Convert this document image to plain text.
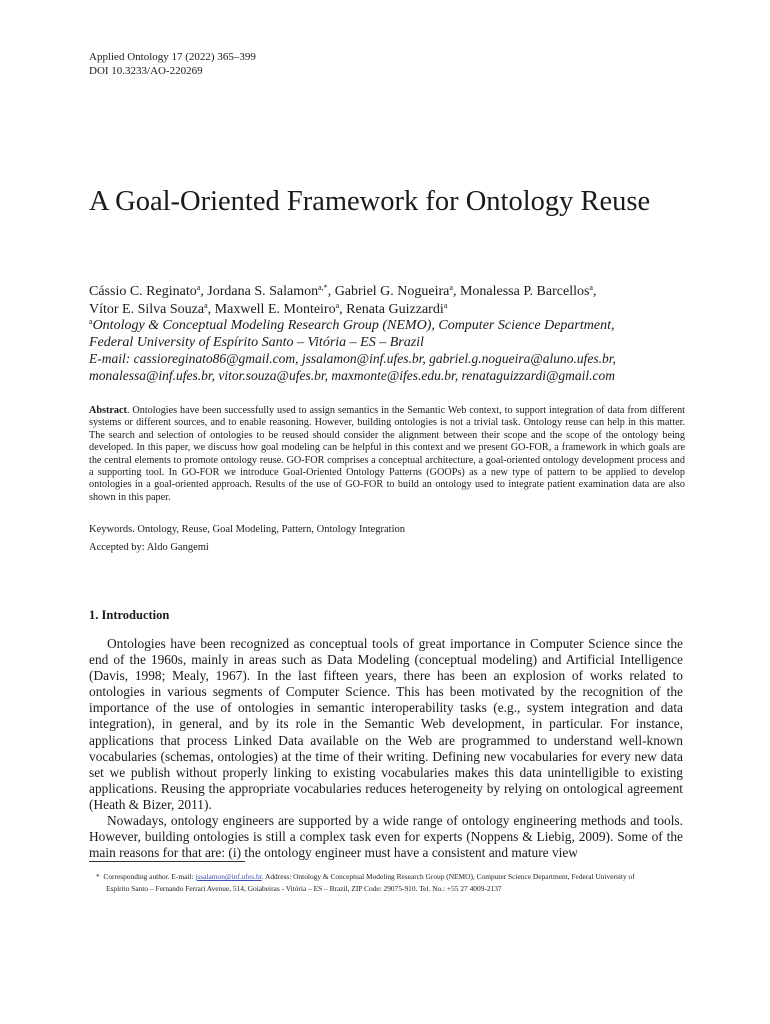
Applied Ontology 17 (2022) 365–399
DOI 10.3233/AO-220269
A Goal-Oriented Framework for Ontology Reuse
Cássio C. Reginato$^a$, Jordana S. Salamon$^{a,*}$, Gabriel G. Nogueira$^a$, Monalessa P. Barcellos$^a$,
Vítor E. Silva Souza$^a$, Maxwell E. Monteiro$^a$, Renata Guizzardi$^a$
$^a$Ontology & Conceptual Modeling Research Group (NEMO), Computer Science Department,
Federal University of Espírito Santo – Vitória – ES – Brazil
E-mail: cassioreginato86@gmail.com, jssalamon@inf.ufes.br, gabriel.g.nogueira@aluno.ufes.br,
monalessa@inf.ufes.br, vitor.souza@ufes.br, maxmonte@ifes.edu.br, renataguizzardi@gmail.com

Abstract. Ontologies have been successfully used to assign semantics in the Semantic Web context, to support integration of data from different systems or different sources, and to enable reasoning. However, building ontologies is not a trivial task. Ontology reuse can help in this matter. The search and selection of ontologies to be reused should consider the alignment between their scope and the scope of the ontology being developed. In this paper, we discuss how goal modeling can be helpful in this context and we present GO-FOR, a framework in which goals are the central elements to promote ontology reuse. GO-FOR comprises a conceptual architecture, a goal-oriented ontology development process and a supporting tool. In GO-FOR we introduce Goal-Oriented Ontology Patterns (GOOPs) as a new type of pattern to be applied to develop ontologies in a goal-oriented approach. Results of the use of GO-FOR to build an ontology used to integrate patient examination data are also shown in this paper.

Keywords. Ontology, Reuse, Goal Modeling, Pattern, Ontology Integration
Accepted by: Aldo Gangemi
1. Introduction

Ontologies have been recognized as conceptual tools of great importance in Computer Science since the end of the 1960s, mainly in areas such as Data Modeling (conceptual modeling) and Artificial Intelligence (Davis, 1998; Mealy, 1967). In the last fifteen years, there has been an explosion of works related to ontologies in various segments of Computer Science. This has been motivated by the recognition of the importance of the use of ontologies in semantic interoperability tasks (e.g., system integration and data integration), in general, and by its role in the Semantic Web development, in particular. For instance, applications that process Linked Data available on the Web are programmed to understand well-known vocabularies (schemas, ontologies) at the time of their writing. Defining new vocabularies for every new data set we publish without properly linking to existing vocabularies makes this data unintelligible to existing applications. Reusing the appropriate vocabularies reduces heterogeneity by relying on ontological agreement (Heath & Bizer, 2011).

Nowadays, ontology engineers are supported by a wide range of ontology engineering methods and tools. However, building ontologies is still a complex task even for experts (Noppens & Liebig, 2009). Some of the main reasons for that are: (i) the ontology engineer must have a consistent and mature view

* Corresponding author. E-mail: jssalamon@inf.ufes.br. Address: Ontology & Conceptual Modeling Research Group (NEMO), Computer Science Department, Federal University of
Espírito Santo – Fernando Ferrari Avenue, 514, Goiabeiras - Vitória – ES – Brazil, ZIP Code: 29075-910. Tel. No.: +55 27 4009-2137
